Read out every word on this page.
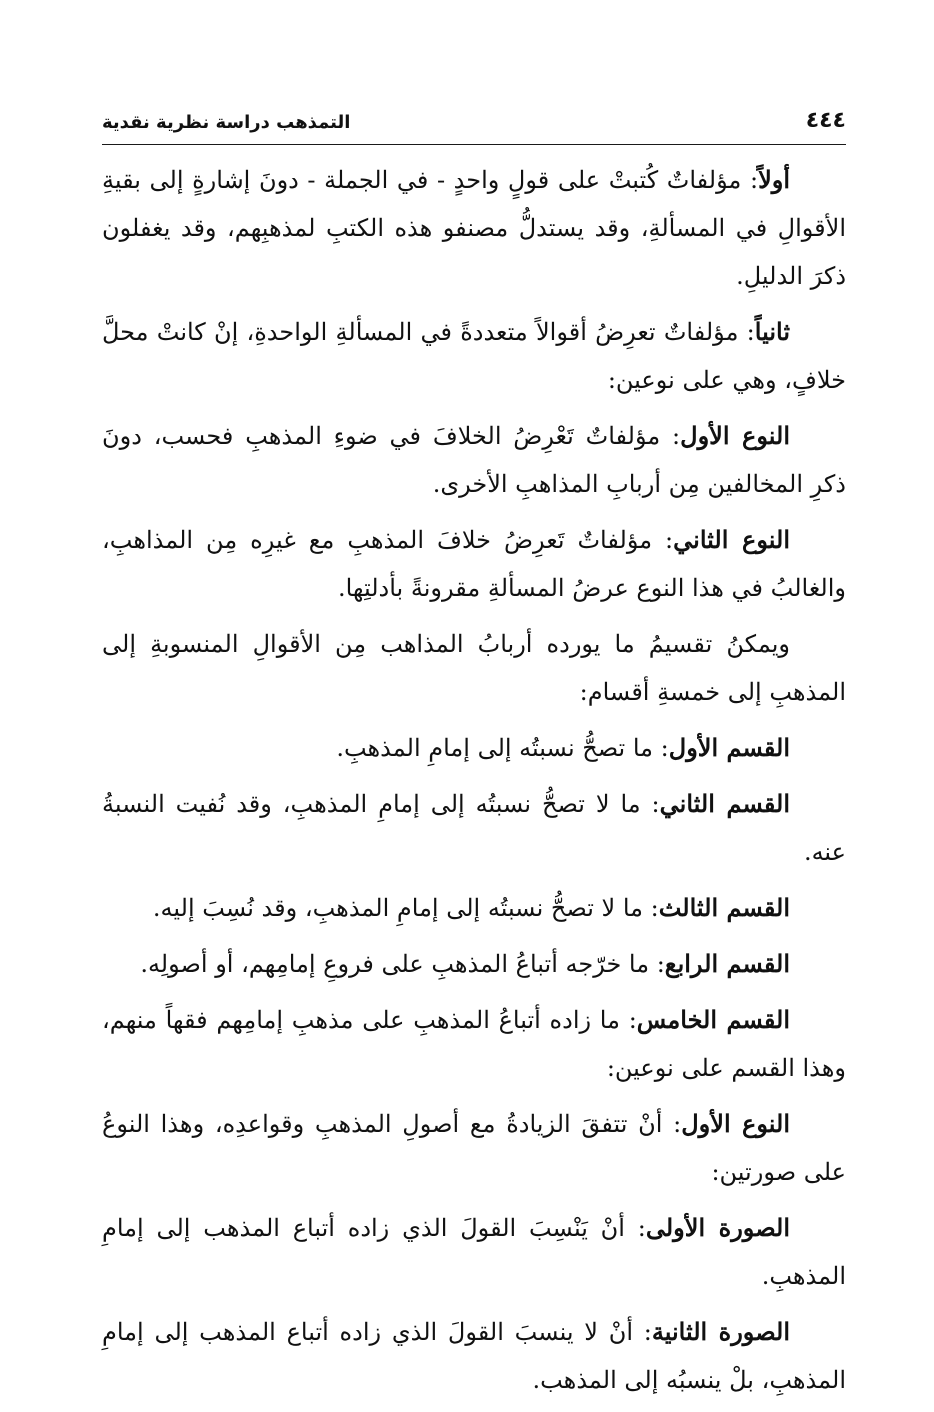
٤٤٤
التمذهب دراسة نظرية نقدية

أولاً: مؤلفاتٌ كُتبتْ على قولٍ واحدٍ - في الجملة - دونَ إشارةٍ إلى بقيةِ الأقوالِ في المسألةِ، وقد يستدلُّ مصنفو هذه الكتبِ لمذهبِهم، وقد يغفلون ذكرَ الدليلِ.

ثانياً: مؤلفاتٌ تعرِضُ أقوالاً متعددةً في المسألةِ الواحدةِ، إنْ كانتْ محلَّ خلافٍ، وهي على نوعين:

النوع الأول: مؤلفاتٌ تَعْرِضُ الخلافَ في ضوءِ المذهبِ فحسب، دونَ ذكرِ المخالفين مِن أربابِ المذاهبِ الأخرى.

النوع الثاني: مؤلفاتٌ تَعرِضُ خلافَ المذهبِ مع غيرِه مِن المذاهبِ، والغالبُ في هذا النوع عرضُ المسألةِ مقرونةً بأدلتِها.

ويمكنُ تقسيمُ ما يورده أربابُ المذاهب مِن الأقوالِ المنسوبةِ إلى المذهبِ إلى خمسةِ أقسام:

القسم الأول: ما تصحُّ نسبتُه إلى إمامِ المذهبِ.

القسم الثاني: ما لا تصحُّ نسبتُه إلى إمامِ المذهبِ، وقد نُفيت النسبةُ عنه.

القسم الثالث: ما لا تصحُّ نسبتُه إلى إمامِ المذهبِ، وقد نُسِبَ إليه.

القسم الرابع: ما خرّجه أتباعُ المذهبِ على فروعِ إمامِهم، أو أصولِه.

القسم الخامس: ما زاده أتباعُ المذهبِ على مذهبِ إمامِهم فقهاً منهم، وهذا القسم على نوعين:

النوع الأول: أنْ تتفقَ الزيادةُ مع أصولِ المذهبِ وقواعدِه، وهذا النوعُ على صورتين:

الصورة الأولى: أنْ يَنْسِبَ القولَ الذي زاده أتباع المذهب إلى إمامِ المذهبِ.

الصورة الثانية: أنْ لا ينسبَ القولَ الذي زاده أتباع المذهب إلى إمامِ المذهبِ، بلْ ينسبُه إلى المذهب.
